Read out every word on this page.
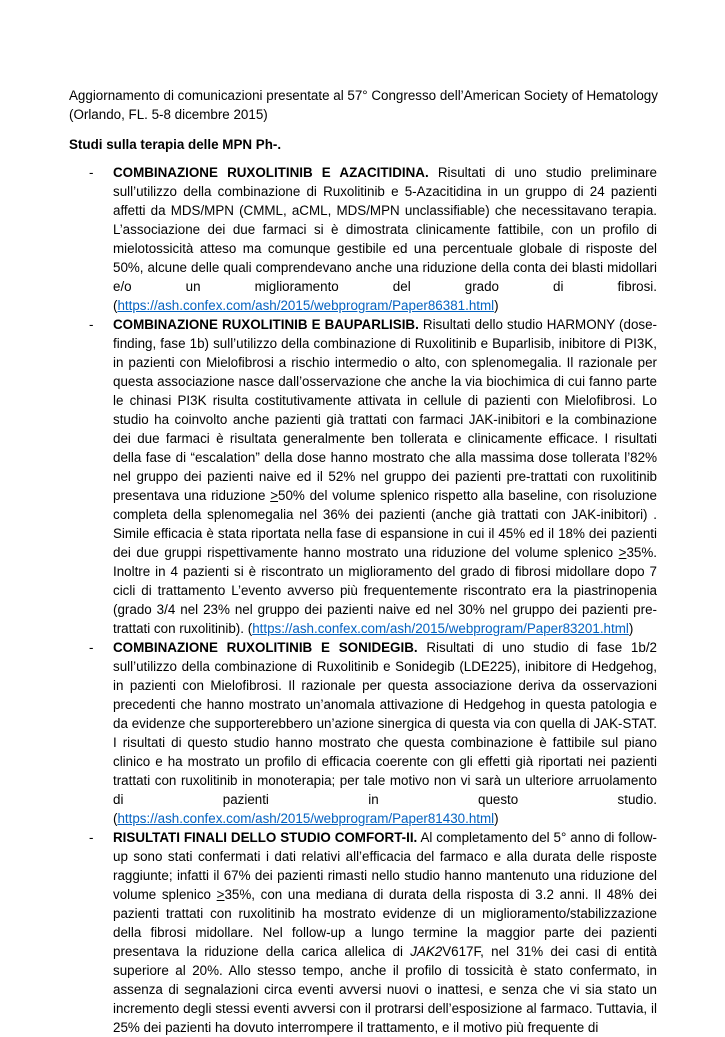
Aggiornamento di comunicazioni presentate al 57° Congresso dell’American Society of Hematology
(Orlando, FL. 5-8 dicembre 2015)
Studi sulla terapia delle MPN Ph-.
- COMBINAZIONE RUXOLITINIB E AZACITIDINA. Risultati di uno studio preliminare sull’utilizzo della combinazione di Ruxolitinib e 5-Azacitidina in un gruppo di 24 pazienti affetti da MDS/MPN (CMML, aCML, MDS/MPN unclassifiable) che necessitavano terapia. L’associazione dei due farmaci si è dimostrata clinicamente fattibile, con un profilo di mielotossicità atteso ma comunque gestibile ed una percentuale globale di risposte del 50%, alcune delle quali comprendevano anche una riduzione della conta dei blasti midollari e/o un miglioramento del grado di fibrosi. (https://ash.confex.com/ash/2015/webprogram/Paper86381.html)
- COMBINAZIONE RUXOLITINIB E BAUPARLISIB. Risultati dello studio HARMONY (dose-finding, fase 1b) sull’utilizzo della combinazione di Ruxolitinib e Buparlisib, inibitore di PI3K, in pazienti con Mielofibrosi a rischio intermedio o alto, con splenomegalia. Il razionale per questa associazione nasce dall’osservazione che anche la via biochimica di cui fanno parte le chinasi PI3K risulta costitutivamente attivata in cellule di pazienti con Mielofibrosi. Lo studio ha coinvolto anche pazienti già trattati con farmaci JAK-inibitori e la combinazione dei due farmaci è risultata generalmente ben tollerata e clinicamente efficace. I risultati della fase di “escalation” della dose hanno mostrato che alla massima dose tollerata l’82% nel gruppo dei pazienti naive ed il 52% nel gruppo dei pazienti pre-trattati con ruxolitinib presentava una riduzione ≥50% del volume splenico rispetto alla baseline, con risoluzione completa della splenomegalia nel 36% dei pazienti (anche già trattati con JAK-inibitori) . Simile efficacia è stata riportata nella fase di espansione in cui il 45% ed il 18% dei pazienti dei due gruppi rispettivamente hanno mostrato una riduzione del volume splenico ≥35%. Inoltre in 4 pazienti si è riscontrato un miglioramento del grado di fibrosi midollare dopo 7 cicli di trattamento L’evento avverso più frequentemente riscontrato era la piastrinopenia (grado 3/4 nel 23% nel gruppo dei pazienti naive ed nel 30% nel gruppo dei pazienti pre-trattati con ruxolitinib). (https://ash.confex.com/ash/2015/webprogram/Paper83201.html)
- COMBINAZIONE RUXOLITINIB E SONIDEGIB. Risultati di uno studio di fase 1b/2 sull’utilizzo della combinazione di Ruxolitinib e Sonidegib (LDE225), inibitore di Hedgehog, in pazienti con Mielofibrosi. Il razionale per questa associazione deriva da osservazioni precedenti che hanno mostrato un’anomala attivazione di Hedgehog in questa patologia e da evidenze che supporterebbero un’azione sinergica di questa via con quella di JAK-STAT. I risultati di questo studio hanno mostrato che questa combinazione è fattibile sul piano clinico e ha mostrato un profilo di efficacia coerente con gli effetti già riportati nei pazienti trattati con ruxolitinib in monoterapia; per tale motivo non vi sarà un ulteriore arruolamento di pazienti in questo studio. (https://ash.confex.com/ash/2015/webprogram/Paper81430.html)
- RISULTATI FINALI DELLO STUDIO COMFORT-II. Al completamento del 5° anno di follow-up sono stati confermati i dati relativi all’efficacia del farmaco e alla durata delle risposte raggiunte; infatti il 67% dei pazienti rimasti nello studio hanno mantenuto una riduzione del volume splenico ≥35%, con una mediana di durata della risposta di 3.2 anni. Il 48% dei pazienti trattati con ruxolitinib ha mostrato evidenze di un miglioramento/stabilizzazione della fibrosi midollare. Nel follow-up a lungo termine la maggior parte dei pazienti presentava la riduzione della carica allelica di JAK2V617F, nel 31% dei casi di entità superiore al 20%. Allo stesso tempo, anche il profilo di tossicità è stato confermato, in assenza di segnalazioni circa eventi avversi nuovi o inattesi, e senza che vi sia stato un incremento degli stessi eventi avversi con il protrarsi dell’esposizione al farmaco. Tuttavia, il 25% dei pazienti ha dovuto interrompere il trattamento, e il motivo più frequente di
